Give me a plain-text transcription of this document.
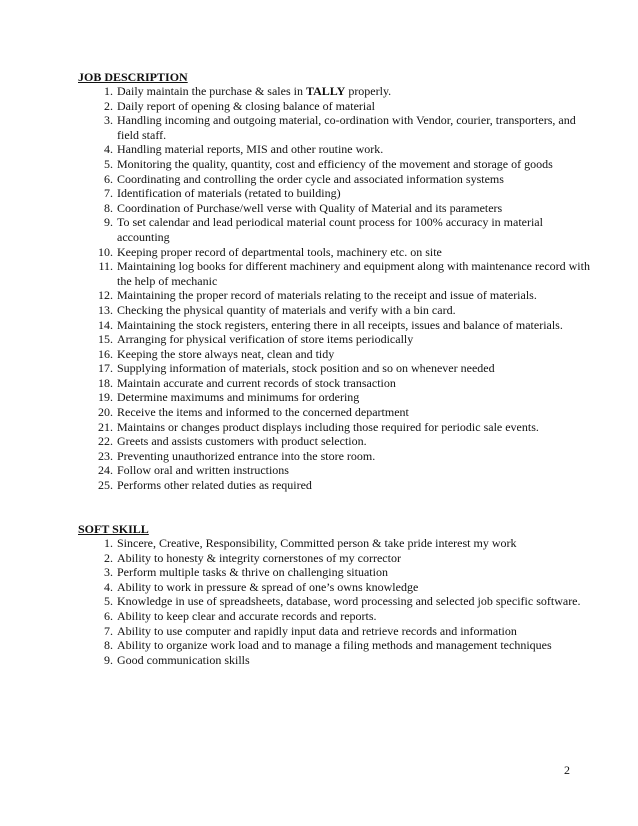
JOB DESCRIPTION
1. Daily maintain the purchase & sales in TALLY properly.
2. Daily report of opening & closing balance of material
3. Handling incoming and outgoing material, co-ordination with Vendor, courier, transporters, and field staff.
4. Handling material reports, MIS and other routine work.
5. Monitoring the quality, quantity, cost and efficiency of the movement and storage of goods
6. Coordinating and controlling the order cycle and associated information systems
7. Identification of materials (retated to building)
8. Coordination of Purchase/well verse with Quality of Material and its parameters
9. To set calendar and lead periodical material count process for 100% accuracy in material accounting
10. Keeping proper record of departmental tools, machinery etc. on site
11. Maintaining log books for different machinery and equipment along with maintenance record with the help of mechanic
12. Maintaining the proper record of materials relating to the receipt and issue of materials.
13. Checking the physical quantity of materials and verify with a bin card.
14. Maintaining the stock registers, entering there in all receipts, issues and balance of materials.
15. Arranging for physical verification of store items periodically
16. Keeping the store always neat, clean and tidy
17. Supplying information of materials, stock position and so on whenever needed
18. Maintain accurate and current records of stock transaction
19. Determine maximums and minimums for ordering
20. Receive the items and informed to the concerned department
21. Maintains or changes product displays including those required for periodic sale events.
22. Greets and assists customers with product selection.
23. Preventing unauthorized entrance into the store room.
24. Follow oral and written instructions
25. Performs other related duties as required
SOFT SKILL
1. Sincere, Creative, Responsibility, Committed person & take pride interest my work
2. Ability to honesty & integrity cornerstones of my corrector
3. Perform multiple tasks & thrive on challenging situation
4. Ability to work in pressure & spread of one’s owns knowledge
5. Knowledge in use of spreadsheets, database, word processing and selected job specific software.
6. Ability to keep clear and accurate records and reports.
7. Ability to use computer and rapidly input data and retrieve records and information
8. Ability to organize work load and to manage a filing methods and management techniques
9. Good communication skills
2
